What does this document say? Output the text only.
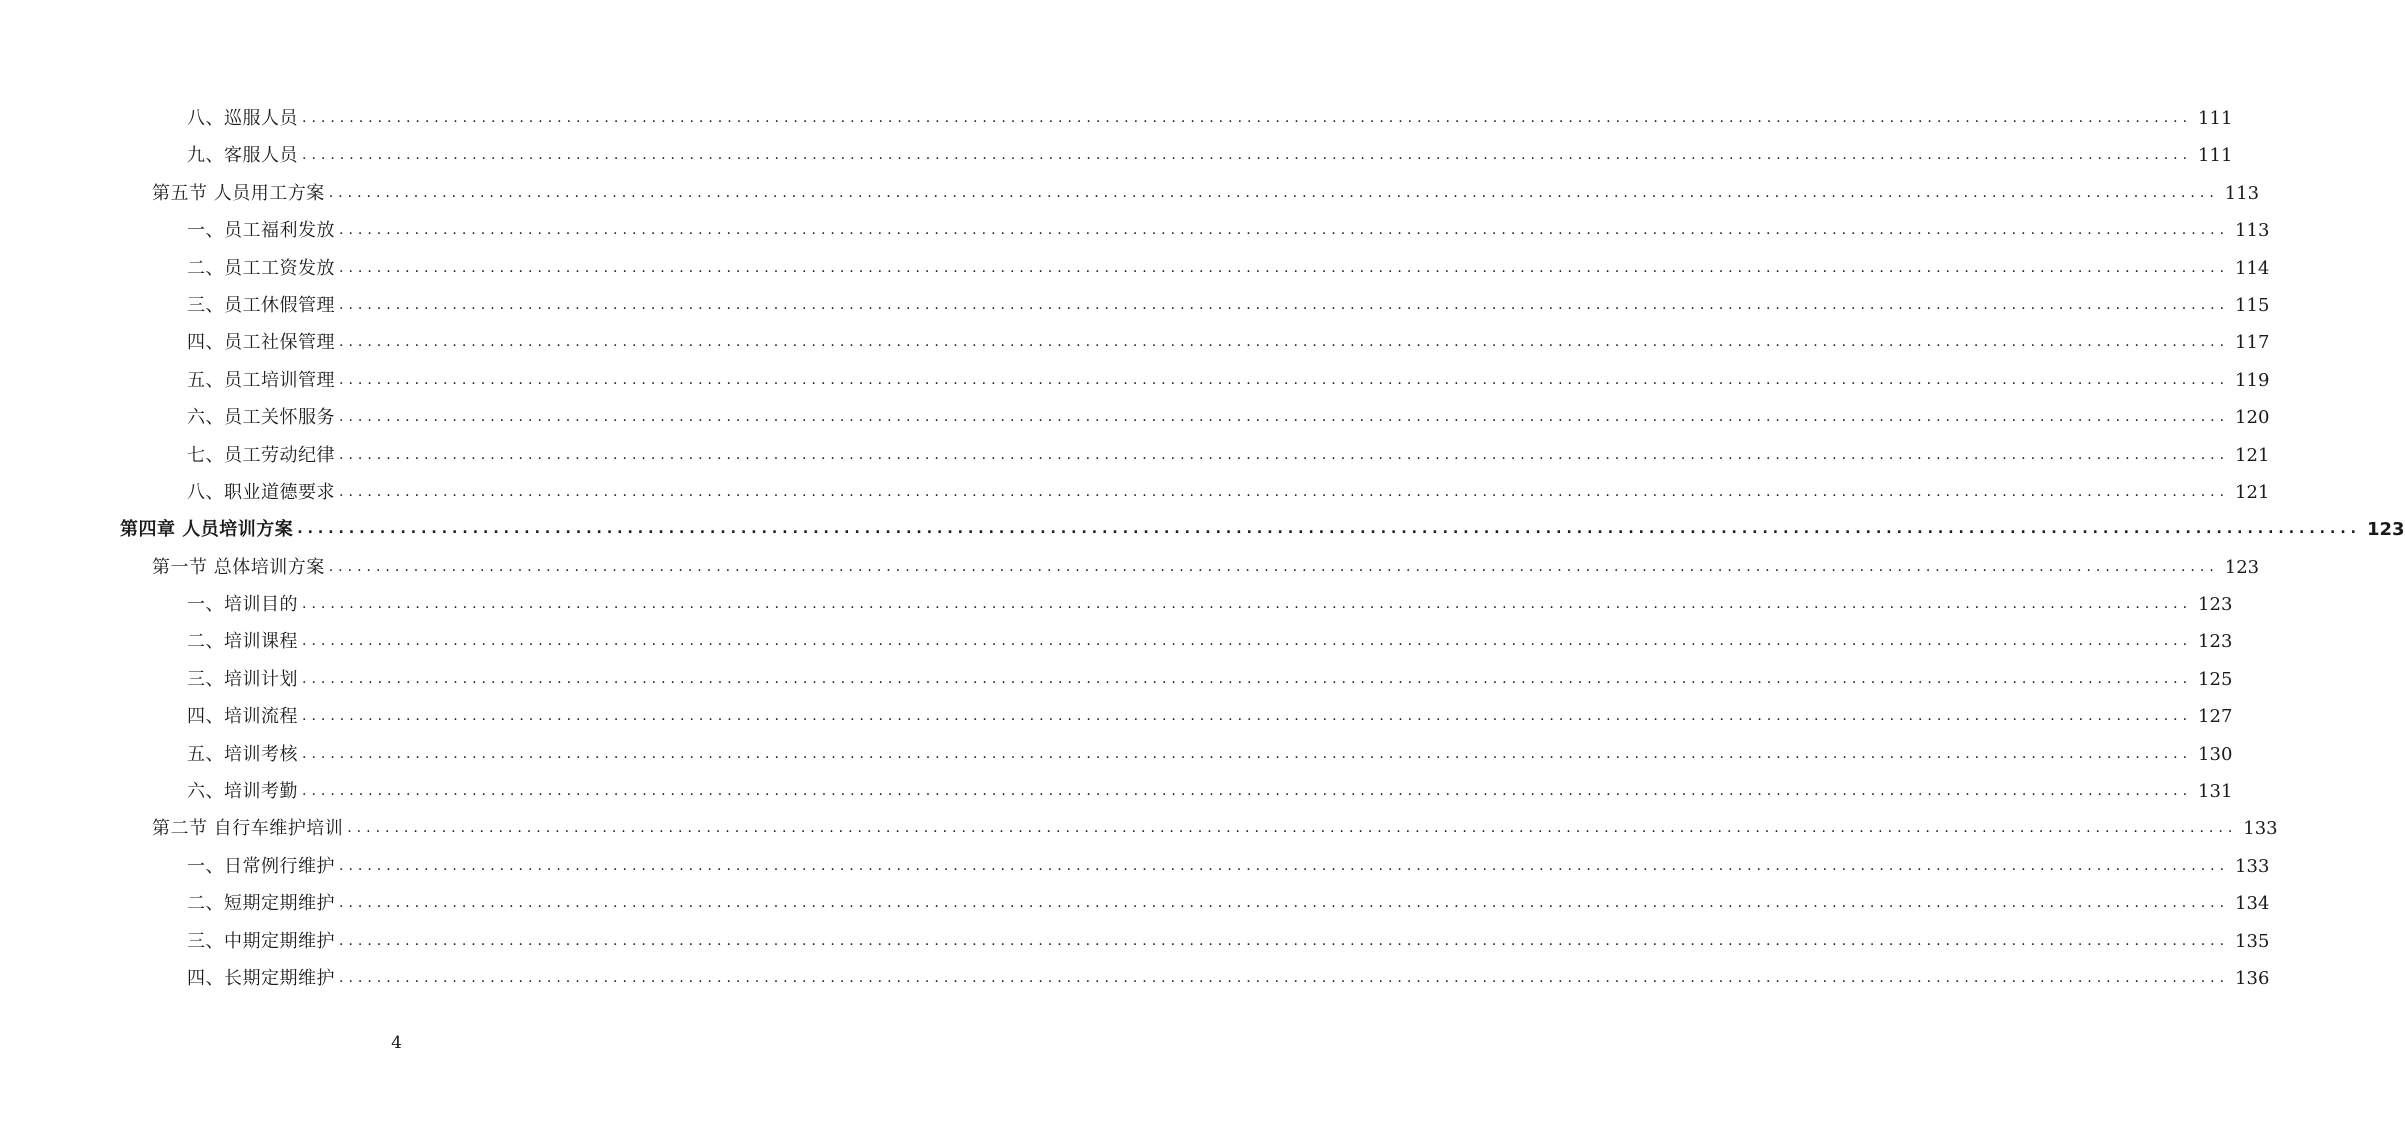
八、巡服人员 ........................................................................................................................................................................................................ 111
九、客服人员 ........................................................................................................................................................................................................ 111
第五节 人员用工方案 ........................................................................................................................................................................................................ 113
一、员工福利发放 ........................................................................................................................................................................................................ 113
二、员工工资发放 ........................................................................................................................................................................................................ 114
三、员工休假管理 ........................................................................................................................................................................................................ 115
四、员工社保管理 ........................................................................................................................................................................................................ 117
五、员工培训管理 ........................................................................................................................................................................................................ 119
六、员工关怀服务 ........................................................................................................................................................................................................ 120
七、员工劳动纪律 ........................................................................................................................................................................................................ 121
八、职业道德要求 ........................................................................................................................................................................................................ 121
第四章 人员培训方案 ........................................................................................................................................................................................................ 123
第一节 总体培训方案 ........................................................................................................................................................................................................ 123
一、培训目的 ........................................................................................................................................................................................................ 123
二、培训课程 ........................................................................................................................................................................................................ 123
三、培训计划 ........................................................................................................................................................................................................ 125
四、培训流程 ........................................................................................................................................................................................................ 127
五、培训考核 ........................................................................................................................................................................................................ 130
六、培训考勤 ........................................................................................................................................................................................................ 131
第二节 自行车维护培训 ........................................................................................................................................................................................................ 133
一、日常例行维护 ........................................................................................................................................................................................................ 133
二、短期定期维护 ........................................................................................................................................................................................................ 134
三、中期定期维护 ........................................................................................................................................................................................................ 135
四、长期定期维护 ........................................................................................................................................................................................................ 136
4
